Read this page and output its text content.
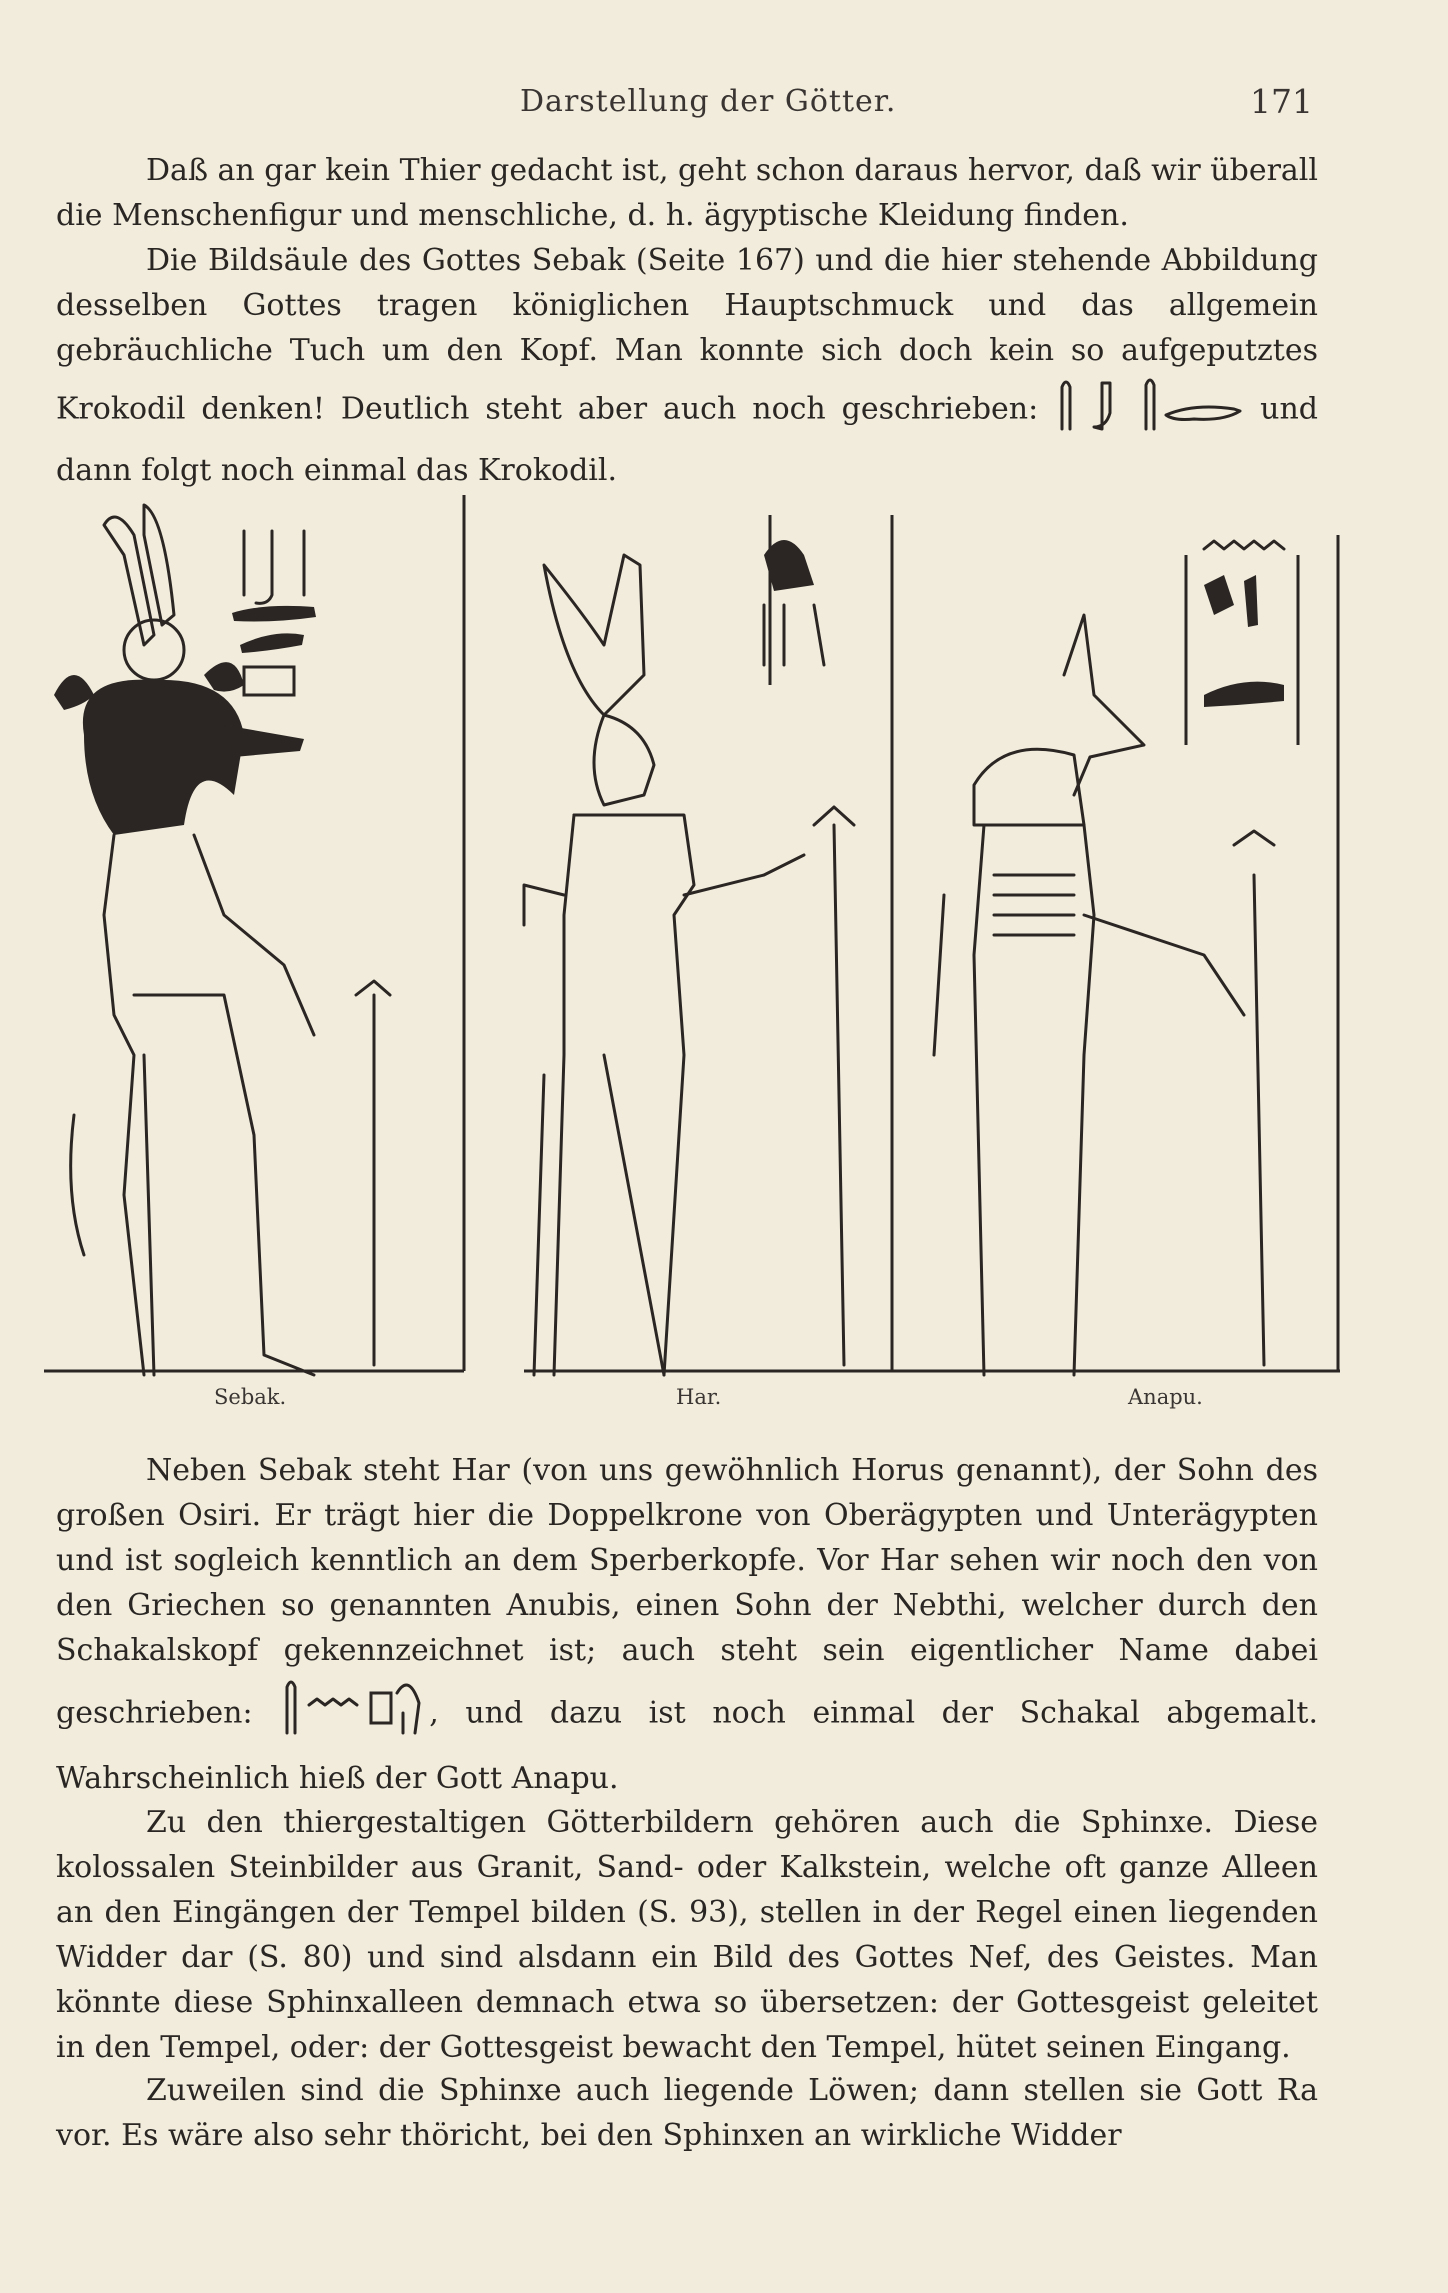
Darstellung der Götter.	171

Daß an gar kein Thier gedacht ist, geht schon daraus hervor, daß wir überall die Menschenfigur und menschliche, d. h. ägyptische Kleidung finden.

Die Bildsäule des Gottes Sebak (Seite 167) und die hier stehende Abbildung desselben Gottes tragen königlichen Hauptschmuck und das allgemein gebräuchliche Tuch um den Kopf. Man konnte sich doch kein so aufgeputztes Krokodil denken! Deutlich steht aber auch noch geschrieben:	und dann folgt noch einmal das Krokodil.

Sebak.	Har.	Anapu.

Neben Sebak steht Har (von uns gewöhnlich Horus genannt), der Sohn des großen Osiri. Er trägt hier die Doppelkrone von Oberägypten und Unterägypten und ist sogleich kenntlich an dem Sperberkopfe. Vor Har sehen wir noch den von den Griechen so genannten Anubis, einen Sohn der Nebthi, welcher durch den Schakalskopf gekennzeichnet ist; auch steht sein eigentlicher Name dabei geschrieben:	, und dazu ist noch einmal der Schakal abgemalt. Wahrscheinlich hieß der Gott Anapu.

Zu den thiergestaltigen Götterbildern gehören auch die Sphinxe. Diese kolossalen Steinbilder aus Granit, Sand- oder Kalkstein, welche oft ganze Alleen an den Eingängen der Tempel bilden (S. 93), stellen in der Regel einen liegenden Widder dar (S. 80) und sind alsdann ein Bild des Gottes Nef, des Geistes. Man könnte diese Sphinxalleen demnach etwa so übersetzen: der Gottesgeist geleitet in den Tempel, oder: der Gottesgeist bewacht den Tempel, hütet seinen Eingang.

Zuweilen sind die Sphinxe auch liegende Löwen; dann stellen sie Gott Ra vor. Es wäre also sehr thöricht, bei den Sphinxen an wirkliche Widder
